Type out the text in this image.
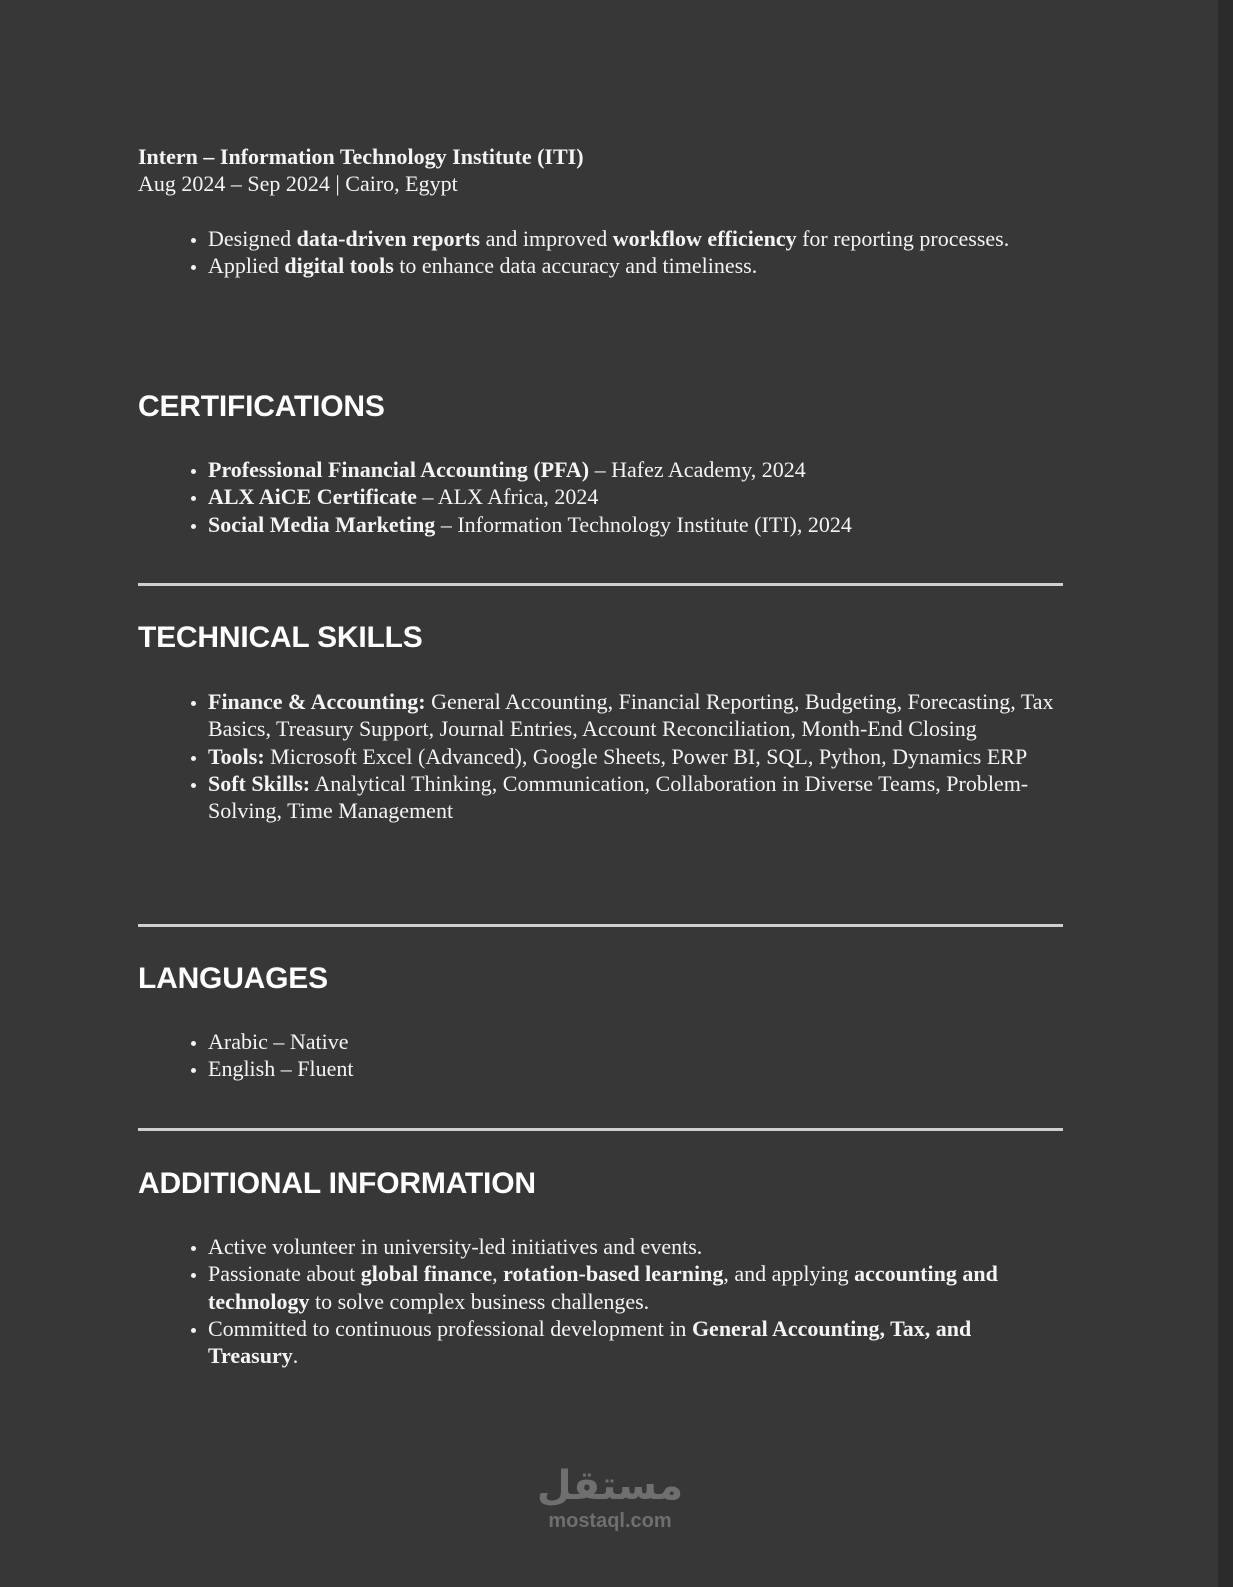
Intern – Information Technology Institute (ITI)
Aug 2024 – Sep 2024 | Cairo, Egypt
• Designed data-driven reports and improved workflow efficiency for reporting processes.
• Applied digital tools to enhance data accuracy and timeliness.
CERTIFICATIONS
• Professional Financial Accounting (PFA) – Hafez Academy, 2024
• ALX AiCE Certificate – ALX Africa, 2024
• Social Media Marketing – Information Technology Institute (ITI), 2024
TECHNICAL SKILLS
• Finance & Accounting: General Accounting, Financial Reporting, Budgeting, Forecasting, Tax Basics, Treasury Support, Journal Entries, Account Reconciliation, Month-End Closing
• Tools: Microsoft Excel (Advanced), Google Sheets, Power BI, SQL, Python, Dynamics ERP
• Soft Skills: Analytical Thinking, Communication, Collaboration in Diverse Teams, Problem-Solving, Time Management
LANGUAGES
• Arabic – Native
• English – Fluent
ADDITIONAL INFORMATION
• Active volunteer in university-led initiatives and events.
• Passionate about global finance, rotation-based learning, and applying accounting and technology to solve complex business challenges.
• Committed to continuous professional development in General Accounting, Tax, and Treasury.
مستقل
mostaql.com
